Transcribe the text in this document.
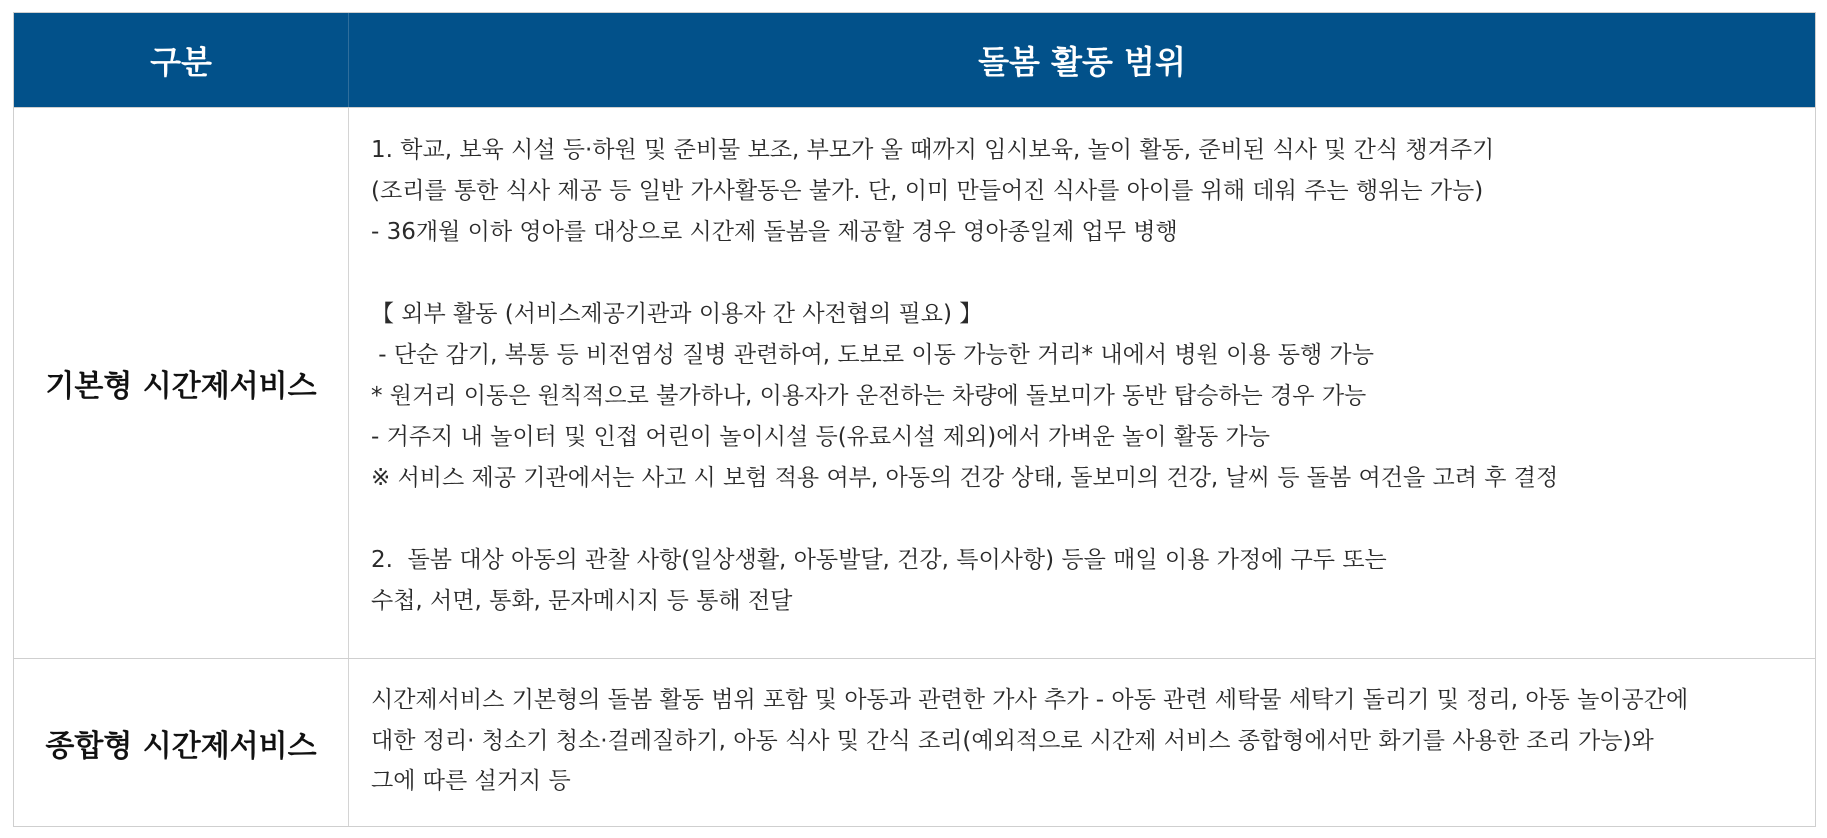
구분	돌봄 활동 범위
기본형 시간제서비스
1. 학교, 보육 시설 등·하원 및 준비물 보조, 부모가 올 때까지 임시보육, 놀이 활동, 준비된 식사 및 간식 챙겨주기
(조리를 통한 식사 제공 등 일반 가사활동은 불가. 단, 이미 만들어진 식사를 아이를 위해 데워 주는 행위는 가능)
- 36개월 이하 영아를 대상으로 시간제 돌봄을 제공할 경우 영아종일제 업무 병행
【 외부 활동 (서비스제공기관과 이용자 간 사전협의 필요) 】
- 단순 감기, 복통 등 비전염성 질병 관련하여, 도보로 이동 가능한 거리* 내에서 병원 이용 동행 가능
* 원거리 이동은 원칙적으로 불가하나, 이용자가 운전하는 차량에 돌보미가 동반 탑승하는 경우 가능
- 거주지 내 놀이터 및 인접 어린이 놀이시설 등(유료시설 제외)에서 가벼운 놀이 활동 가능
※ 서비스 제공 기관에서는 사고 시 보험 적용 여부, 아동의 건강 상태, 돌보미의 건강, 날씨 등 돌봄 여건을 고려 후 결정
2.  돌봄 대상 아동의 관찰 사항(일상생활, 아동발달, 건강, 특이사항) 등을 매일 이용 가정에 구두 또는
수첩, 서면, 통화, 문자메시지 등 통해 전달
종합형 시간제서비스
시간제서비스 기본형의 돌봄 활동 범위 포함 및 아동과 관련한 가사 추가 - 아동 관련 세탁물 세탁기 돌리기 및 정리, 아동 놀이공간에
대한 정리· 청소기 청소·걸레질하기, 아동 식사 및 간식 조리(예외적으로 시간제 서비스 종합형에서만 화기를 사용한 조리 가능)와
그에 따른 설거지 등
